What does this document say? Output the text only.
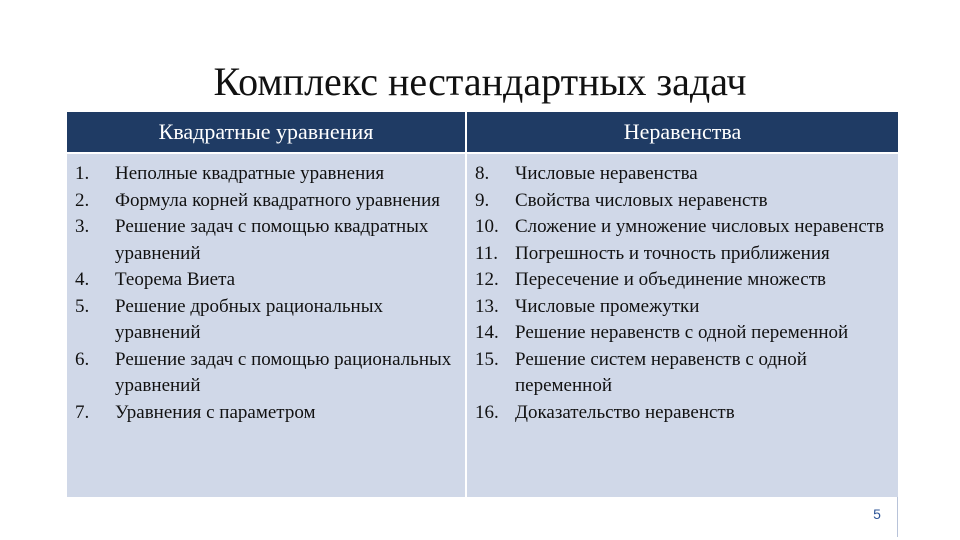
Комплекс нестандартных задач
Квадратные уравнения	Неравенства
1. Неполные квадратные уравнения
2. Формула корней квадратного уравнения
3. Решение задач с помощью квадратных уравнений
4. Теорема Виета
5. Решение дробных рациональных уравнений
6. Решение задач с помощью рациональных уравнений
7. Уравнения с параметром
8. Числовые неравенства
9. Свойства числовых неравенств
10. Сложение и умножение числовых неравенств
11. Погрешность и точность приближения
12. Пересечение и объединение множеств
13. Числовые промежутки
14. Решение неравенств с одной переменной
15. Решение систем неравенств с одной переменной
16. Доказательство неравенств
5
